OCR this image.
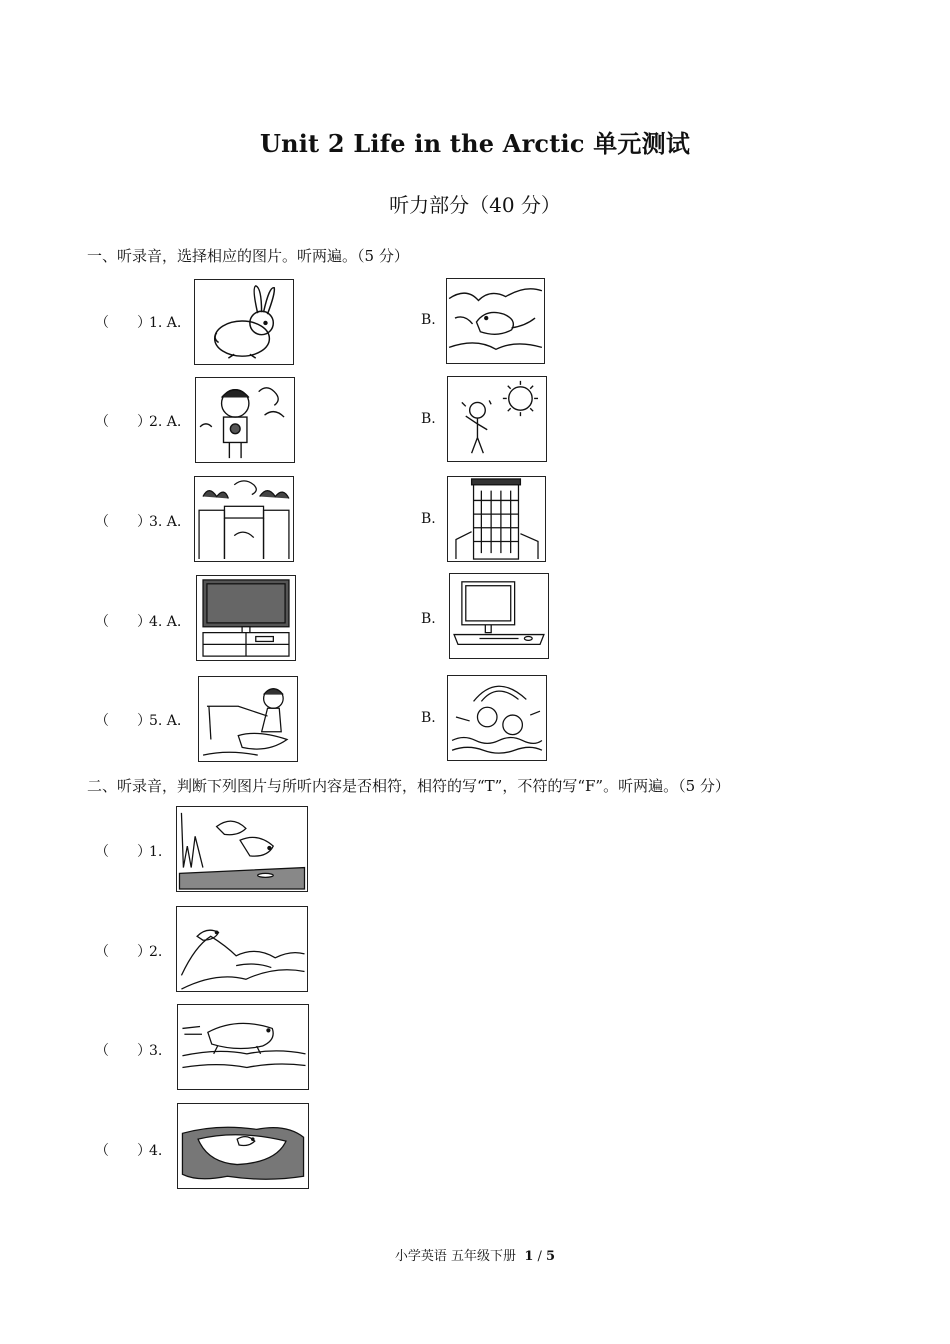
Unit 2 Life in the Arctic 单元测试
听力部分（40 分）
一、听录音，选择相应的图片。听两遍。（5 分）
（　　）1. A.	B.
（　　）2. A.	B.
（　　）3. A.	B.
（　　）4. A.	B.
（　　）5. A.	B.
二、听录音，判断下列图片与所听内容是否相符，相符的写“T”，不符的写“F”。听两遍。（5 分）
（　　）1.
（　　）2.
（　　）3.
（　　）4.
小学英语 五年级下册 1 / 5
